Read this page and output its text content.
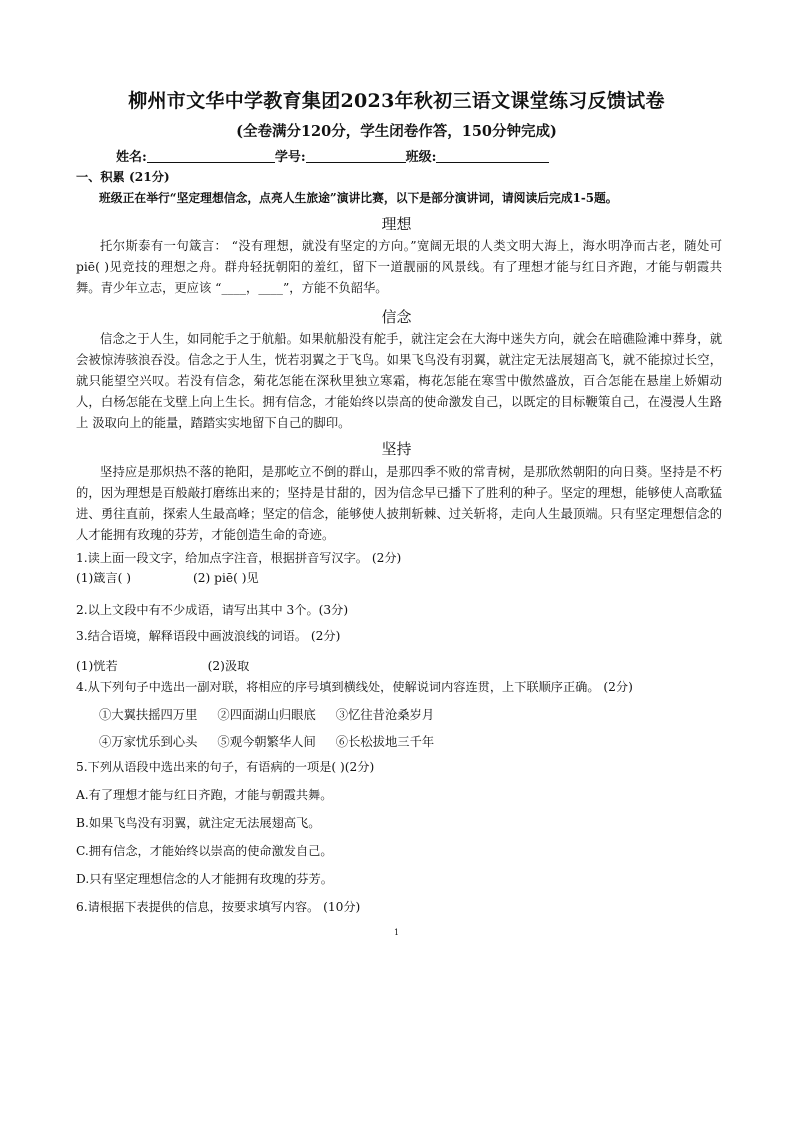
柳州市文华中学教育集团2023年秋初三语文课堂练习反馈试卷
(全卷满分120分，学生闭卷作答，150分钟完成)
姓名:	学号:	班级:
一、积累 (21分)
班级正在举行“坚定理想信念，点亮人生旅途”演讲比赛，以下是部分演讲词，请阅读后完成1-5题。
理想
托尔斯泰有一句箴言： “没有理想，就没有坚定的方向。”宽阔无垠的人类文明大海上，海水明净而古老，随处可 piē( )见竞技的理想之舟。群舟轻抚朝阳的羞红，留下一道靓丽的风景线。有了理想才能与红日齐跑，才能与朝霞共舞。青少年立志，更应该 “____，____”，方能不负韶华。
信念
信念之于人生，如同舵手之于航船。如果航船没有舵手，就注定会在大海中迷失方向，就会在暗礁险滩中葬身，就会被惊涛骇浪吞没。信念之于人生，恍若羽翼之于飞鸟。如果飞鸟没有羽翼，就注定无法展翅高飞，就不能掠过长空，就只能望空兴叹。若没有信念，菊花怎能在深秋里独立寒霜，梅花怎能在寒雪中傲然盛放，百合怎能在悬崖上娇媚动人，白杨怎能在戈壁上向上生长。拥有信念，才能始终以崇高的使命激发自己，以既定的目标鞭策自己，在漫漫人生路上 汲取向上的能量，踏踏实实地留下自己的脚印。
坚持
坚持应是那炽热不落的艳阳，是那屹立不倒的群山，是那四季不败的常青树，是那欣然朝阳的向日葵。坚持是不朽的，因为理想是百般敲打磨练出来的；坚持是甘甜的，因为信念早已播下了胜利的种子。坚定的理想，能够使人高歌猛进、勇往直前，探索人生最高峰；坚定的信念，能够使人披荆斩棘、过关斩将，走向人生最顶端。只有坚定理想信念的人才能拥有玫瑰的芬芳，才能创造生命的奇迹。
1.读上面一段文字，给加点字注音，根据拼音写汉字。 (2分)
(1)箴言( )	(2) piē( )见
2.以上文段中有不少成语，请写出其中 3个。(3分)
3.结合语境，解释语段中画波浪线的词语。 (2分)
(1)恍若	(2)汲取
4.从下列句子中选出一副对联，将相应的序号填到横线处，使解说词内容连贯，上下联顺序正确。 (2分)
①大翼扶摇四万里 ②四面湖山归眼底 ③忆往昔沧桑岁月
④万家忧乐到心头 ⑤观今朝繁华人间 ⑥长松拔地三千年
5.下列从语段中选出来的句子，有语病的一项是( )(2分)
A.有了理想才能与红日齐跑，才能与朝霞共舞。
B.如果飞鸟没有羽翼，就注定无法展翅高飞。
C.拥有信念，才能始终以崇高的使命激发自己。
D.只有坚定理想信念的人才能拥有玫瑰的芬芳。
6.请根据下表提供的信息，按要求填写内容。 (10分)
1
